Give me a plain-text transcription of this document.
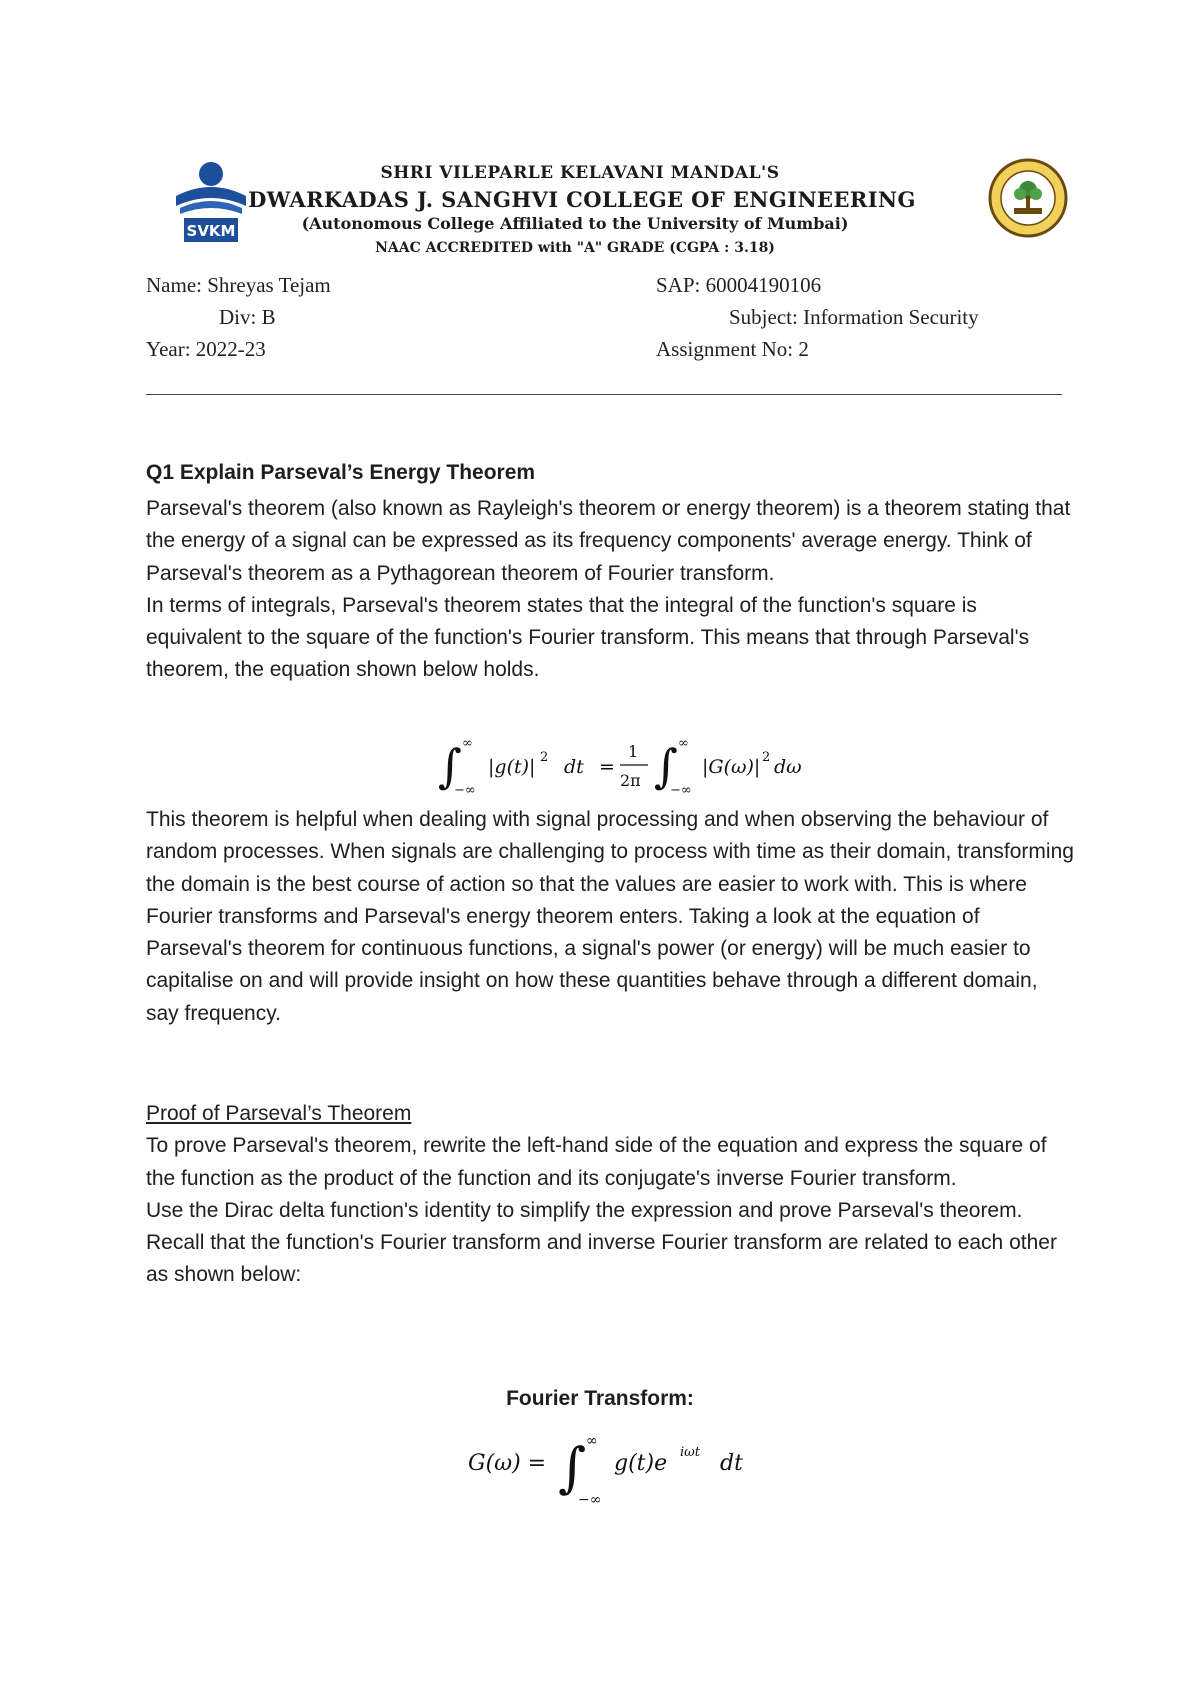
SVKM
SHRI VILEPARLE KELAVANI MANDAL'S
DWARKADAS J. SANGHVI COLLEGE OF ENGINEERING
(Autonomous College Affiliated to the University of Mumbai)
NAAC ACCREDITED with "A" GRADE (CGPA : 3.18)
Name: Shreyas Tejam	SAP: 60004190106
Div: B	Subject: Information Security
Year: 2022-23	Assignment No: 2
Q1 Explain Parseval’s Energy Theorem

Parseval's theorem (also known as Rayleigh's theorem or energy theorem) is a theorem stating that the energy of a signal can be expressed as its frequency components' average energy. Think of Parseval's theorem as a Pythagorean theorem of Fourier transform.

In terms of integrals, Parseval's theorem states that the integral of the function's square is equivalent to the square of the function's Fourier transform. This means that through Parseval's theorem, the equation shown below holds.

∫ ∞
−∞
|g(t)| 2 dt =
1
2π ∫ ∞
−∞
|G(ω)| 2 dω

This theorem is helpful when dealing with signal processing and when observing the behaviour of random processes. When signals are challenging to process with time as their domain, transforming the domain is the best course of action so that the values are easier to work with. This is where Fourier transforms and Parseval's energy theorem enters. Taking a look at the equation of Parseval's theorem for continuous functions, a signal's power (or energy) will be much easier to capitalise on and will provide insight on how these quantities behave through a different domain, say frequency.

Proof of Parseval’s Theorem

To prove Parseval's theorem, rewrite the left-hand side of the equation and express the square of the function as the product of the function and its conjugate's inverse Fourier transform.

Use the Dirac delta function's identity to simplify the expression and prove Parseval's theorem.

Recall that the function's Fourier transform and inverse Fourier transform are related to each other as shown below:

Fourier Transform:
G(ω) = ∫ ∞
−∞
g(t)e iωt dt
